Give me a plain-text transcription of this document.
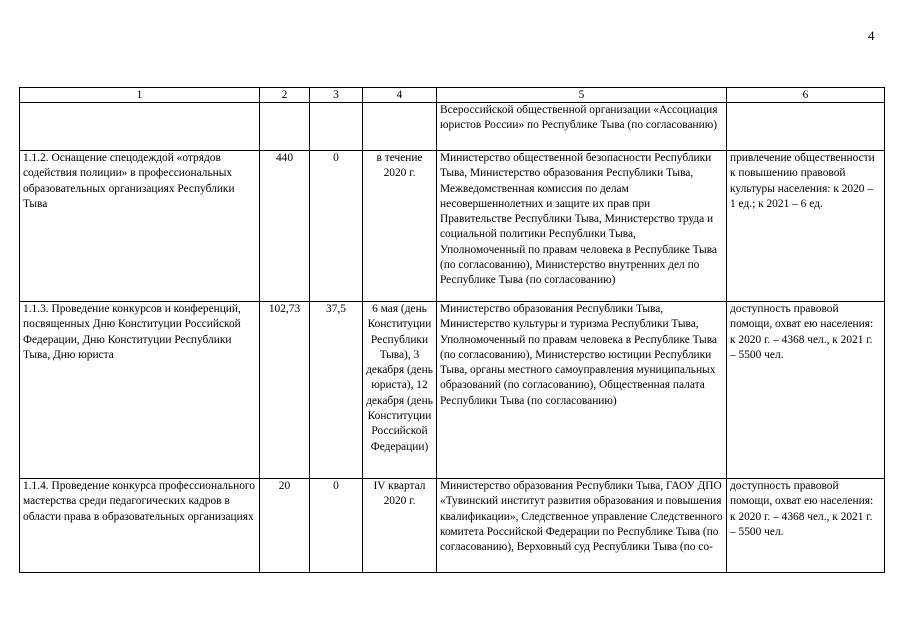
4
1	2	3	4	5	6
				Всероссийской общественной организации «Ассоциация юристов России» по Республике Тыва (по согласованию)	
1.1.2. Оснащение спецодеждой «отрядов содействия полиции» в профессиональных образовательных организациях Республики Тыва	440	0	в течение 2020 г.	Министерство общественной безопасности Республики Тыва, Министерство образования Республики Тыва, Межведомственная комиссия по делам несовершеннолетних и защите их прав при Правительстве Республики Тыва, Министерство труда и социальной политики Республики Тыва, Уполномоченный по правам человека в Республике Тыва (по согласованию), Министерство внутренних дел по Республике Тыва (по согласованию)	привлечение общественности к повышению правовой культуры населения: к 2020 – 1 ед.; к 2021 – 6 ед.
1.1.3. Проведение конкурсов и конференций, посвященных Дню Конституции Российской Федерации, Дню Конституции Республики Тыва, Дню юриста	102,73	37,5	6 мая (день Конституции Республики Тыва), 3 декабря (день юриста), 12 декабря (день Конституции Российской Федерации)	Министерство образования Республики Тыва, Министерство культуры и туризма Республики Тыва, Уполномоченный по правам человека в Республике Тыва (по согласованию), Министерство юстиции Республики Тыва, органы местного самоуправления муниципальных образований (по согласованию), Общественная палата Республики Тыва (по согласованию)	доступность правовой помощи, охват ею населения: к 2020 г. – 4368 чел., к 2021 г. – 5500 чел.
1.1.4. Проведение конкурса профессионального мастерства среди педагогических кадров в области права в образовательных организациях	20	0	IV квартал 2020 г.	Министерство образования Республики Тыва, ГАОУ ДПО «Тувинский институт развития образования и повышения квалификации», Следственное управление Следственного комитета Российской Федерации по Республике Тыва (по согласованию), Верховный суд Республики Тыва (по со-	доступность правовой помощи, охват ею населения: к 2020 г. – 4368 чел., к 2021 г. – 5500 чел.
